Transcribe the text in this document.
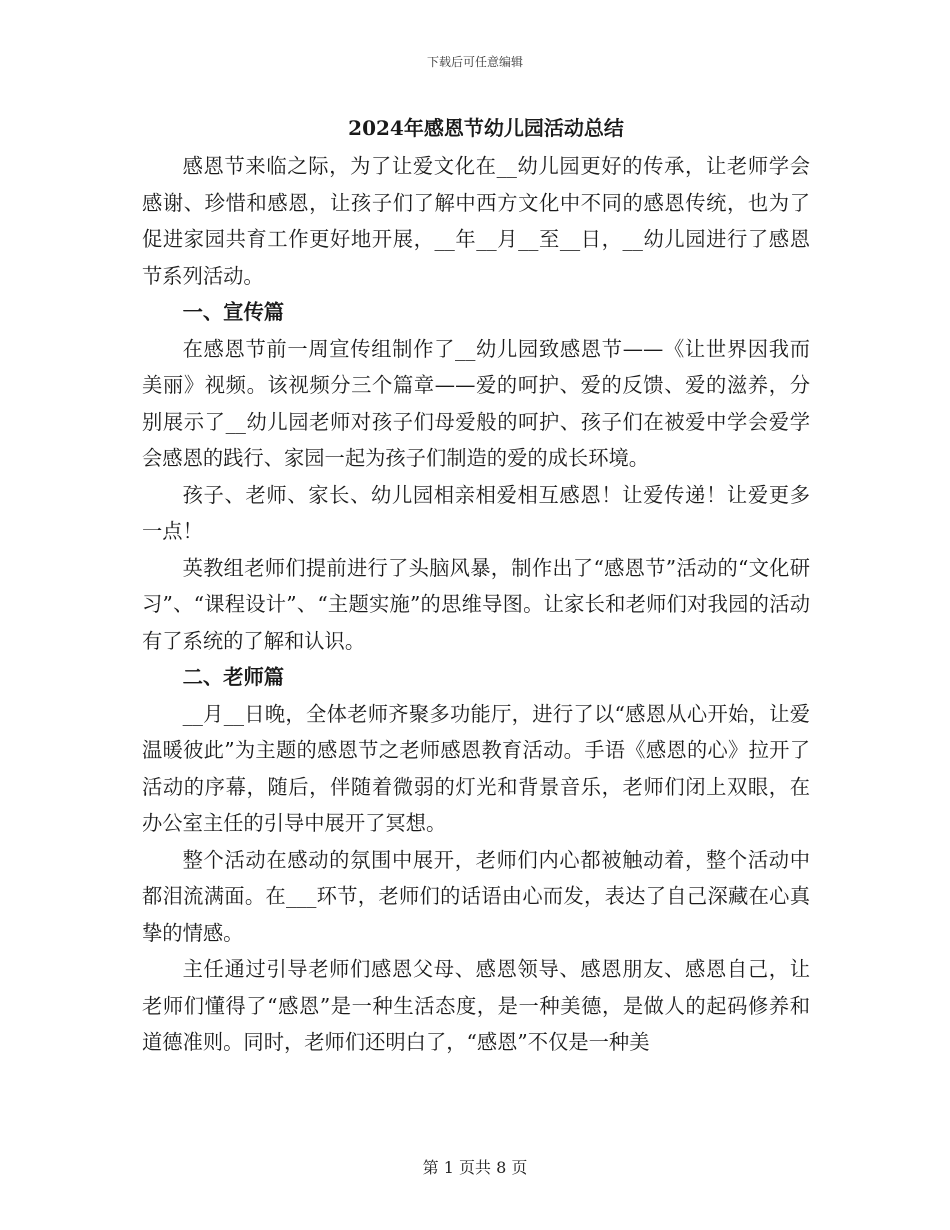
下载后可任意编辑
2024年感恩节幼儿园活动总结

感恩节来临之际，为了让爱文化在__幼儿园更好的传承，让老师学会感谢、珍惜和感恩，让孩子们了解中西方文化中不同的感恩传统，也为了促进家园共育工作更好地开展，__年__月__至__日，__幼儿园进行了感恩节系列活动。

一、宣传篇

在感恩节前一周宣传组制作了__幼儿园致感恩节——《让世界因我而美丽》视频。该视频分三个篇章——爱的呵护、爱的反馈、爱的滋养，分别展示了__幼儿园老师对孩子们母爱般的呵护、孩子们在被爱中学会爱学会感恩的践行、家园一起为孩子们制造的爱的成长环境。

孩子、老师、家长、幼儿园相亲相爱相互感恩！让爱传递！让爱更多一点！

英教组老师们提前进行了头脑风暴，制作出了“感恩节”活动的“文化研习”、“课程设计”、“主题实施”的思维导图。让家长和老师们对我园的活动有了系统的了解和认识。

二、老师篇

__月__日晚，全体老师齐聚多功能厅，进行了以“感恩从心开始，让爱温暖彼此”为主题的感恩节之老师感恩教育活动。手语《感恩的心》拉开了活动的序幕，随后，伴随着微弱的灯光和背景音乐，老师们闭上双眼，在办公室主任的引导中展开了冥想。

整个活动在感动的氛围中展开，老师们内心都被触动着，整个活动中都泪流满面。在___环节，老师们的话语由心而发，表达了自己深藏在心真挚的情感。

主任通过引导老师们感恩父母、感恩领导、感恩朋友、感恩自己，让老师们懂得了“感恩”是一种生活态度，是一种美德，是做人的起码修养和道德准则。同时，老师们还明白了，“感恩”不仅是一种美

第 1 页共 8 页
